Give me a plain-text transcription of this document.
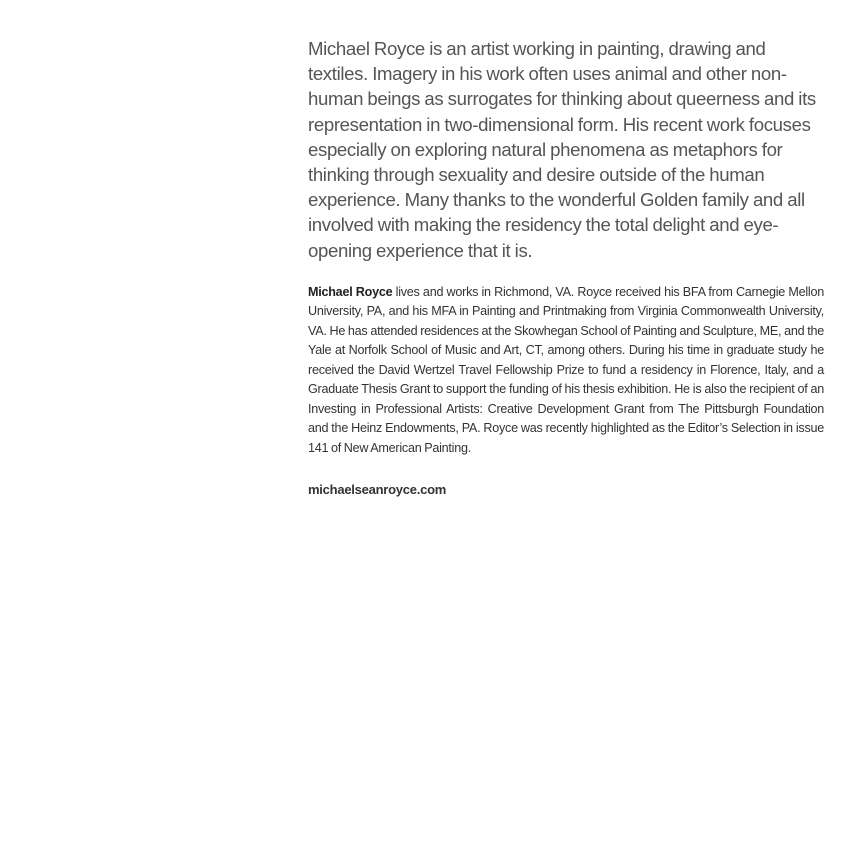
Michael Royce is an artist working in painting, drawing and textiles. Imagery in his work often uses animal and other non-human beings as surrogates for thinking about queerness and its representation in two-dimensional form. His recent work focuses especially on exploring natural phenomena as metaphors for thinking through sexuality and desire outside of the human experience. Many thanks to the wonderful Golden family and all involved with making the residency the total delight and eye-opening experience that it is.

Michael Royce lives and works in Richmond, VA. Royce received his BFA from Carnegie Mellon University, PA, and his MFA in Painting and Printmaking from Virginia Commonwealth University, VA. He has attended residences at the Skowhegan School of Painting and Sculpture, ME, and the Yale at Norfolk School of Music and Art, CT, among others. During his time in graduate study he received the David Wertzel Travel Fellowship Prize to fund a residency in Florence, Italy, and a Graduate Thesis Grant to support the funding of his thesis exhibition. He is also the recipient of an Investing in Professional Artists: Creative Development Grant from The Pittsburgh Foundation and the Heinz Endowments, PA. Royce was recently highlighted as the Editor’s Selection in issue 141 of New American Painting.

michaelseanroyce.com
